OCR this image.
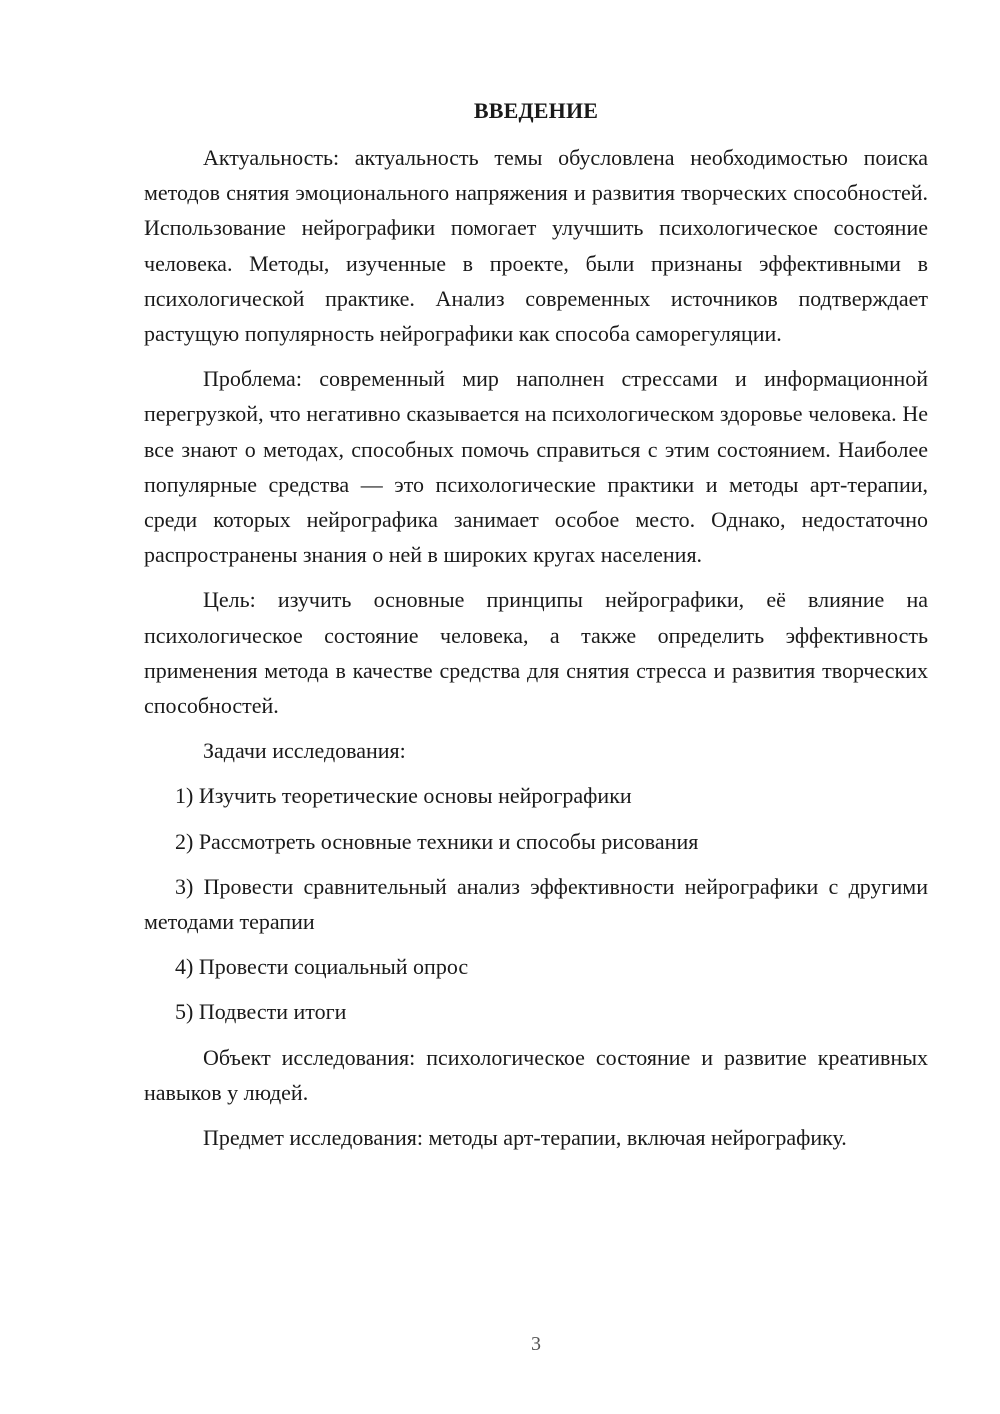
ВВЕДЕНИЕ

Актуальность: актуальность темы обусловлена необходимостью поиска методов снятия эмоционального напряжения и развития творческих способностей. Использование нейрографики помогает улучшить психологическое состояние человека. Методы, изученные в проекте, были признаны эффективными в психологической практике. Анализ современных источников подтверждает растущую популярность нейрографики как способа саморегуляции.

Проблема: современный мир наполнен стрессами и информационной перегрузкой, что негативно сказывается на психологическом здоровье человека. Не все знают о методах, способных помочь справиться с этим состоянием. Наиболее популярные средства — это психологические практики и методы арт-терапии, среди которых нейрографика занимает особое место. Однако, недостаточно распространены знания о ней в широких кругах населения.

Цель: изучить основные принципы нейрографики, её влияние на психологическое состояние человека, а также определить эффективность применения метода в качестве средства для снятия стресса и развития творческих способностей.

Задачи исследования:

1) Изучить теоретические основы нейрографики

2) Рассмотреть основные техники и способы рисования

3) Провести сравнительный анализ эффективности нейрографики с другими методами терапии

4) Провести социальный опрос

5) Подвести итоги

Объект исследования: психологическое состояние и развитие креативных навыков у людей.

Предмет исследования: методы арт-терапии, включая нейрографику.

3
